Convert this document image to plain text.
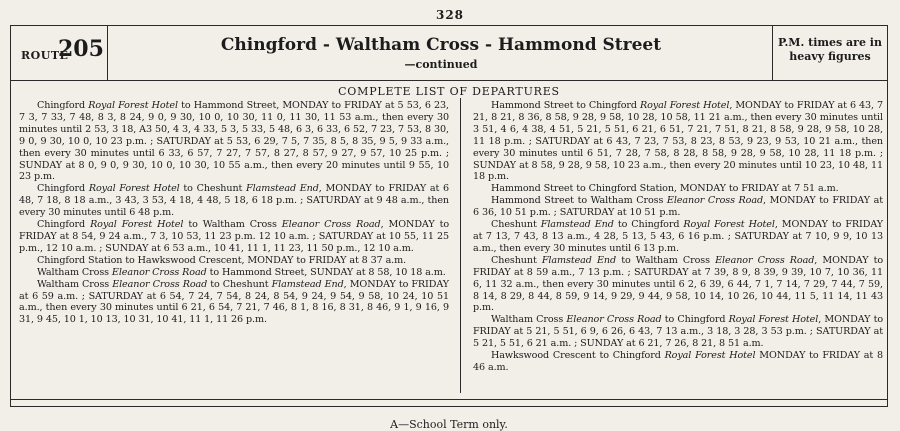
328
ROUTE
205	Chingford - Waltham Cross - Hammond Street
—continued
P.M. times are in heavy figures
COMPLETE LIST OF DEPARTURES

Chingford Royal Forest Hotel to Hammond Street, MONDAY to FRIDAY at 5 53, 6 23, 7 3, 7 33, 7 48, 8 3, 8 24, 9 0, 9 30, 10 0, 10 30, 11 0, 11 30, 11 53 a.m., then every 30 minutes until 2 53, 3 18, A3 50, 4 3, 4 33, 5 3, 5 33, 5 48, 6 3, 6 33, 6 52, 7 23, 7 53, 8 30, 9 0, 9 30, 10 0, 10 23 p.m. ; SATURDAY at 5 53, 6 29, 7 5, 7 35, 8 5, 8 35, 9 5, 9 33 a.m., then every 30 minutes until 6 33, 6 57, 7 27, 7 57, 8 27, 8 57, 9 27, 9 57, 10 25 p.m. ; SUNDAY at 8 0, 9 0, 9 30, 10 0, 10 30, 10 55 a.m., then every 20 minutes until 9 55, 10 23 p.m.

Chingford Royal Forest Hotel to Cheshunt Flamstead End, MONDAY to FRIDAY at 6 48, 7 18, 8 18 a.m., 3 43, 3 53, 4 18, 4 48, 5 18, 6 18 p.m. ; SATURDAY at 9 48 a.m., then every 30 minutes until 6 48 p.m.

Chingford Royal Forest Hotel to Waltham Cross Eleanor Cross Road, MONDAY to FRIDAY at 8 54, 9 24 a.m., 7 3, 10 53, 11 23 p.m. 12 10 a.m. ; SATURDAY at 10 55, 11 25 p.m., 12 10 a.m. ; SUNDAY at 6 53 a.m., 10 41, 11 1, 11 23, 11 50 p.m., 12 10 a.m.

Chingford Station to Hawkswood Crescent, MONDAY to FRIDAY at 8 37 a.m.

Waltham Cross Eleanor Cross Road to Hammond Street, SUNDAY at 8 58, 10 18 a.m.

Waltham Cross Eleanor Cross Road to Cheshunt Flamstead End, MONDAY to FRIDAY at 6 59 a.m. ; SATURDAY at 6 54, 7 24, 7 54, 8 24, 8 54, 9 24, 9 54, 9 58, 10 24, 10 51 a.m., then every 30 minutes until 6 21, 6 54, 7 21, 7 46, 8 1, 8 16, 8 31, 8 46, 9 1, 9 16, 9 31, 9 45, 10 1, 10 13, 10 31, 10 41, 11 1, 11 26 p.m.

Hammond Street to Chingford Royal Forest Hotel, MONDAY to FRIDAY at 6 43, 7 21, 8 21, 8 36, 8 58, 9 28, 9 58, 10 28, 10 58, 11 21 a.m., then every 30 minutes until 3 51, 4 6, 4 38, 4 51, 5 21, 5 51, 6 21, 6 51, 7 21, 7 51, 8 21, 8 58, 9 28, 9 58, 10 28, 11 18 p.m. ; SATURDAY at 6 43, 7 23, 7 53, 8 23, 8 53, 9 23, 9 53, 10 21 a.m., then every 30 minutes until 6 51, 7 28, 7 58, 8 28, 8 58, 9 28, 9 58, 10 28, 11 18 p.m. ; SUNDAY at 8 58, 9 28, 9 58, 10 23 a.m., then every 20 minutes until 10 23, 10 48, 11 18 p.m.

Hammond Street to Chingford Station, MONDAY to FRIDAY at 7 51 a.m.

Hammond Street to Waltham Cross Eleanor Cross Road, MONDAY to FRIDAY at 6 36, 10 51 p.m. ; SATURDAY at 10 51 p.m.

Cheshunt Flamstead End to Chingford Royal Forest Hotel, MONDAY to FRIDAY at 7 13, 7 43, 8 13 a.m., 4 28, 5 13, 5 43, 6 16 p.m. ; SATURDAY at 7 10, 9 9, 10 13 a.m., then every 30 minutes until 6 13 p.m.

Cheshunt Flamstead End to Waltham Cross Eleanor Cross Road, MONDAY to FRIDAY at 8 59 a.m., 7 13 p.m. ; SATURDAY at 7 39, 8 9, 8 39, 9 39, 10 7, 10 36, 11 6, 11 32 a.m., then every 30 minutes until 6 2, 6 39, 6 44, 7 1, 7 14, 7 29, 7 44, 7 59, 8 14, 8 29, 8 44, 8 59, 9 14, 9 29, 9 44, 9 58, 10 14, 10 26, 10 44, 11 5, 11 14, 11 43 p.m.

Waltham Cross Eleanor Cross Road to Chingford Royal Forest Hotel, MONDAY to FRIDAY at 5 21, 5 51, 6 9, 6 26, 6 43, 7 13 a.m., 3 18, 3 28, 3 53 p.m. ; SATURDAY at 5 21, 5 51, 6 21 a.m. ; SUNDAY at 6 21, 7 26, 8 21, 8 51 a.m.

Hawkswood Crescent to Chingford Royal Forest Hotel MONDAY to FRIDAY at 8 46 a.m.

A—School Term only.
